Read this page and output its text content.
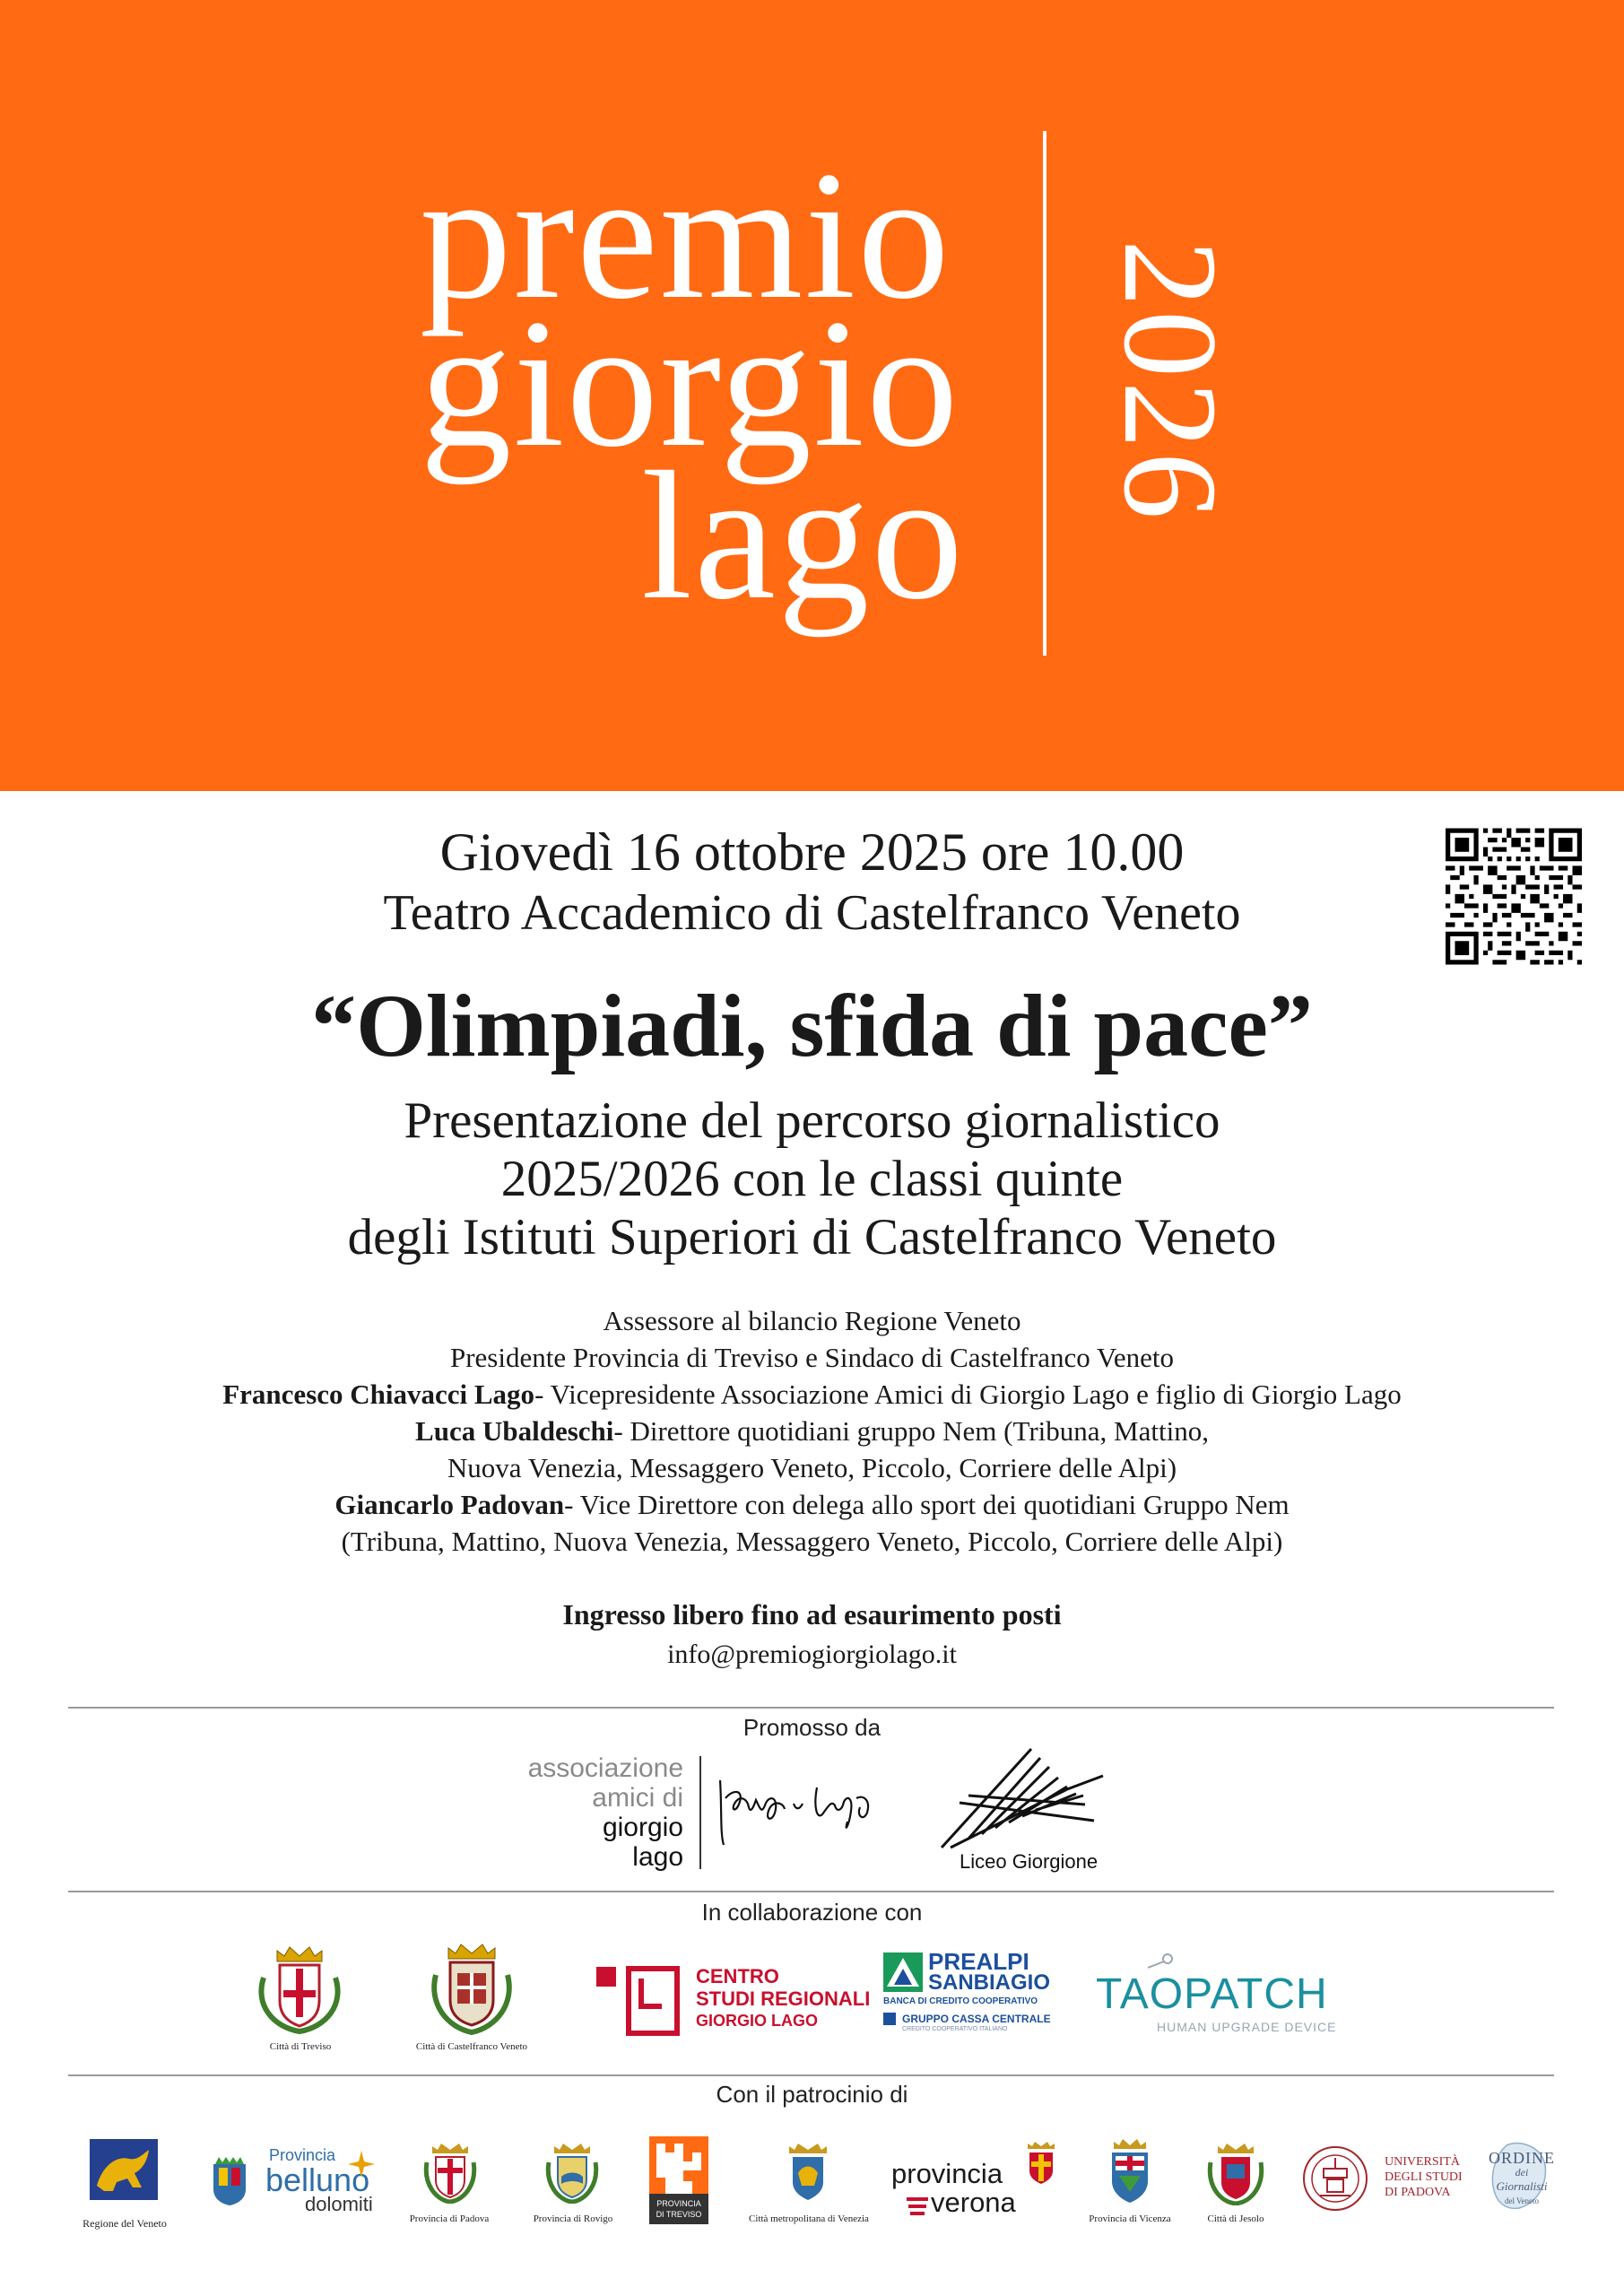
premio
giorgio
lago
2026
Giovedì 16 ottobre 2025 ore 10.00
Teatro Accademico di Castelfranco Veneto
“Olimpiadi, sfida di pace”
Presentazione del percorso giornalistico
2025/2026 con le classi quinte
degli Istituti Superiori di Castelfranco Veneto
Assessore al bilancio Regione Veneto
Presidente Provincia di Treviso e Sindaco di Castelfranco Veneto
Francesco Chiavacci Lago- Vicepresidente Associazione Amici di Giorgio Lago e figlio di Giorgio Lago
Luca Ubaldeschi- Direttore quotidiani gruppo Nem (Tribuna, Mattino,
Nuova Venezia, Messaggero Veneto, Piccolo, Corriere delle Alpi)
Giancarlo Padovan- Vice Direttore con delega allo sport dei quotidiani Gruppo Nem
(Tribuna, Mattino, Nuova Venezia, Messaggero Veneto, Piccolo, Corriere delle Alpi)
Ingresso libero fino ad esaurimento posti
info@premiogiorgiolago.it
Promosso da
associazione
amici di
giorgio
lago	Liceo Giorgione
In collaborazione con
Città di Treviso	Città di Castelfranco Veneto
CENTRO
STUDI REGIONALI
GIORGIO LAGO
PREALPI
SANBIAGIO
BANCA DI CREDITO COOPERATIVO
GRUPPO CASSA CENTRALE
CREDITO COOPERATIVO ITALIANO
TAOPATCH
HUMAN UPGRADE DEVICE
Con il patrocinio di
Regione del Veneto
Provincia
belluno
dolomiti
Provincia di Padova	Provincia di Rovigo
PROVINCIA
DI TREVISO	Città metropolitana di Venezia
provincia
verona
Provincia di Vicenza	Città di Jesolo
UNIVERSITÀ
DEGLI STUDI
DI PADOVA
ORDINE
dei
Giornalisti
del Veneto
